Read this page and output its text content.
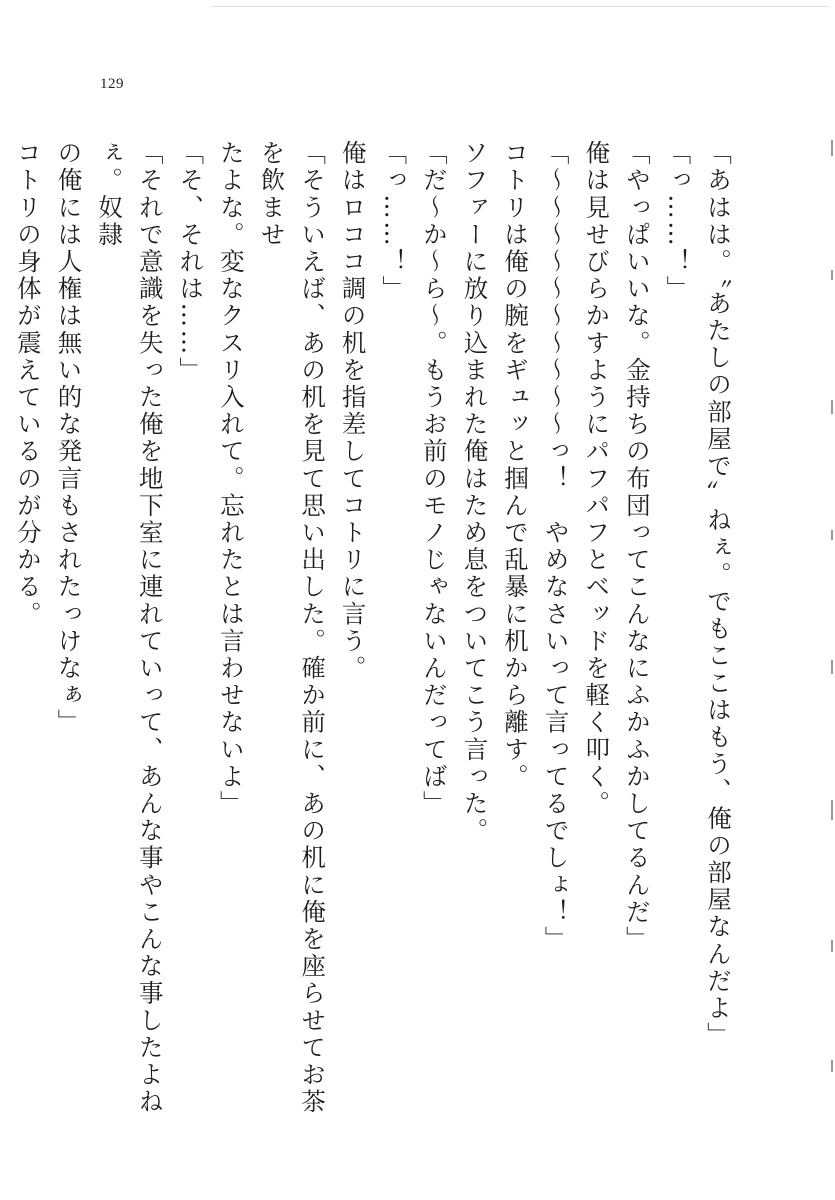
129

「あはは。〝あたしの部屋で〟ねぇ。でもここはもう、俺の部屋なんだよ」

「っ……！」

「やっぱいいな。金持ちの布団ってこんなにふかふかしてるんだ」

俺は見せびらかすようにパフパフとベッドを軽く叩く。

「～～～～～～～～～～っ！　やめなさいって言ってるでしょ！」

コトリは俺の腕をギュッと掴んで乱暴に机から離す。

ソファーに放り込まれた俺はため息をついてこう言った。

「だ～か～ら～。もうお前のモノじゃないんだってば」

「っ……！」

俺はロココ調の机を指差してコトリに言う。

「そういえば、あの机を見て思い出した。確か前に、あの机に俺を座らせてお茶を飲ませ

たよな。変なクスリ入れて。忘れたとは言わせないよ」

「そ、それは……」

「それで意識を失った俺を地下室に連れていって、あんな事やこんな事したよねぇ。奴隷

の俺には人権は無い的な発言もされたっけなぁ」

コトリの身体が震えているのが分かる。
